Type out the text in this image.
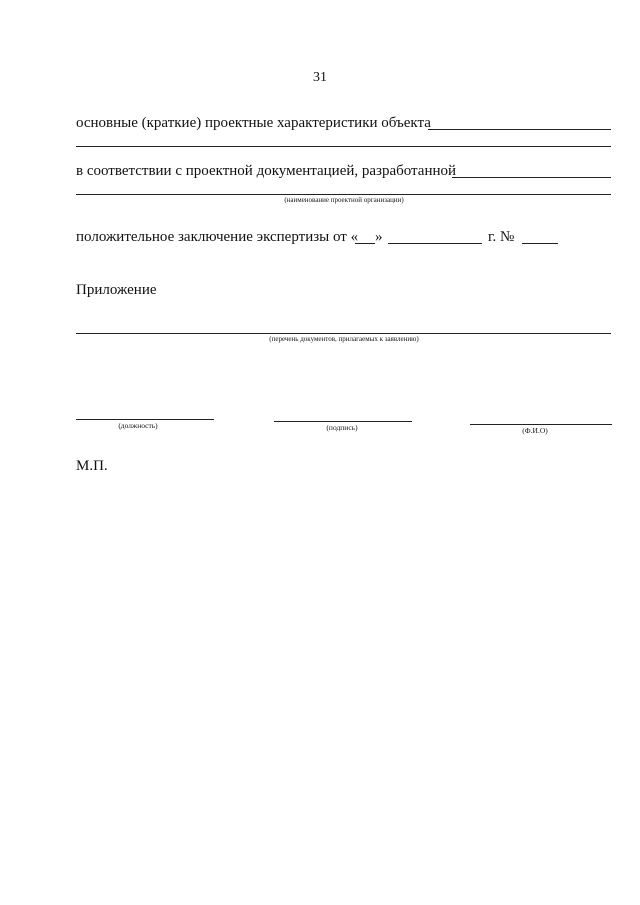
31
основные (краткие) проектные характеристики объекта
в соответствии с проектной документацией, разработанной
(наименование проектной организации)
положительное заключение экспертизы от « »	г. №
Приложение
(перечень документов, прилагаемых к заявлению)
(должность)	(подпись)	(Ф.И.О)
М.П.
